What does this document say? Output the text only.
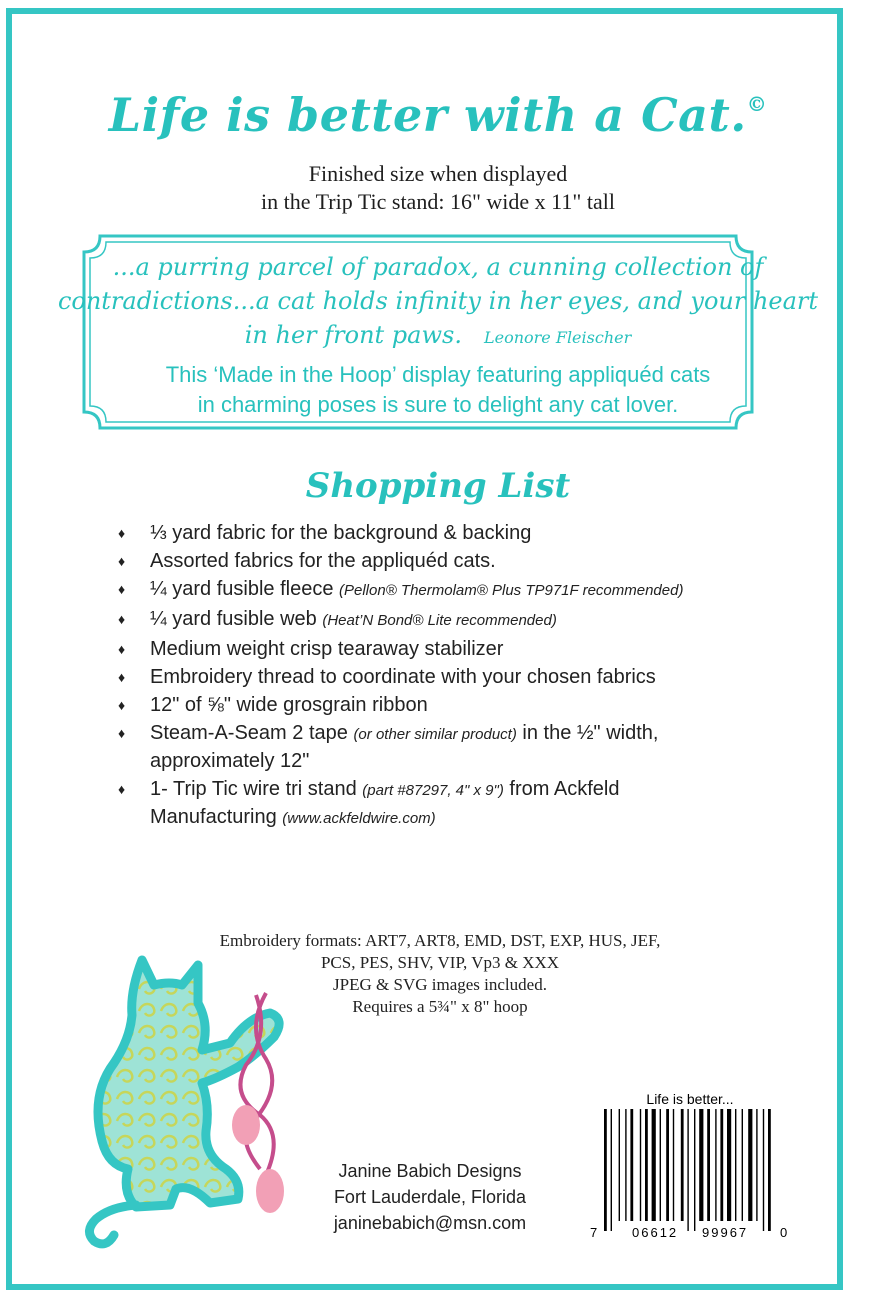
Life is better with a Cat.©
Finished size when displayed
in the Trip Tic stand: 16" wide x 11" tall
...a purring parcel of paradox, a cunning collection of
contradictions...a cat holds infinity in her eyes, and your heart
in her front paws. Leonore Fleischer
This ‘Made in the Hoop’ display featuring appliquéd cats
in charming poses is sure to delight any cat lover.
Shopping List
♦ ⅓ yard fabric for the background & backing
♦ Assorted fabrics for the appliquéd cats.
♦ ¼ yard fusible fleece (Pellon® Thermolam® Plus TP971F recommended)
♦ ¼ yard fusible web (Heat’N Bond® Lite recommended)
♦ Medium weight crisp tearaway stabilizer
♦ Embroidery thread to coordinate with your chosen fabrics
♦ 12" of ⅝" wide grosgrain ribbon
♦ Steam-A-Seam 2 tape (or other similar product) in the ½" width, approximately 12"
♦ 1- Trip Tic wire tri stand (part #87297, 4" x 9") from Ackfeld Manufacturing (www.ackfeldwire.com)
Embroidery formats: ART7, ART8, EMD, DST, EXP, HUS, JEF,
PCS, PES, SHV, VIP, Vp3 & XXX
JPEG & SVG images included.
Requires a 5¾" x 8" hoop
Janine Babich Designs
Fort Lauderdale, Florida
janinebabich@msn.com
Life is better...
7	06612 99967 0
